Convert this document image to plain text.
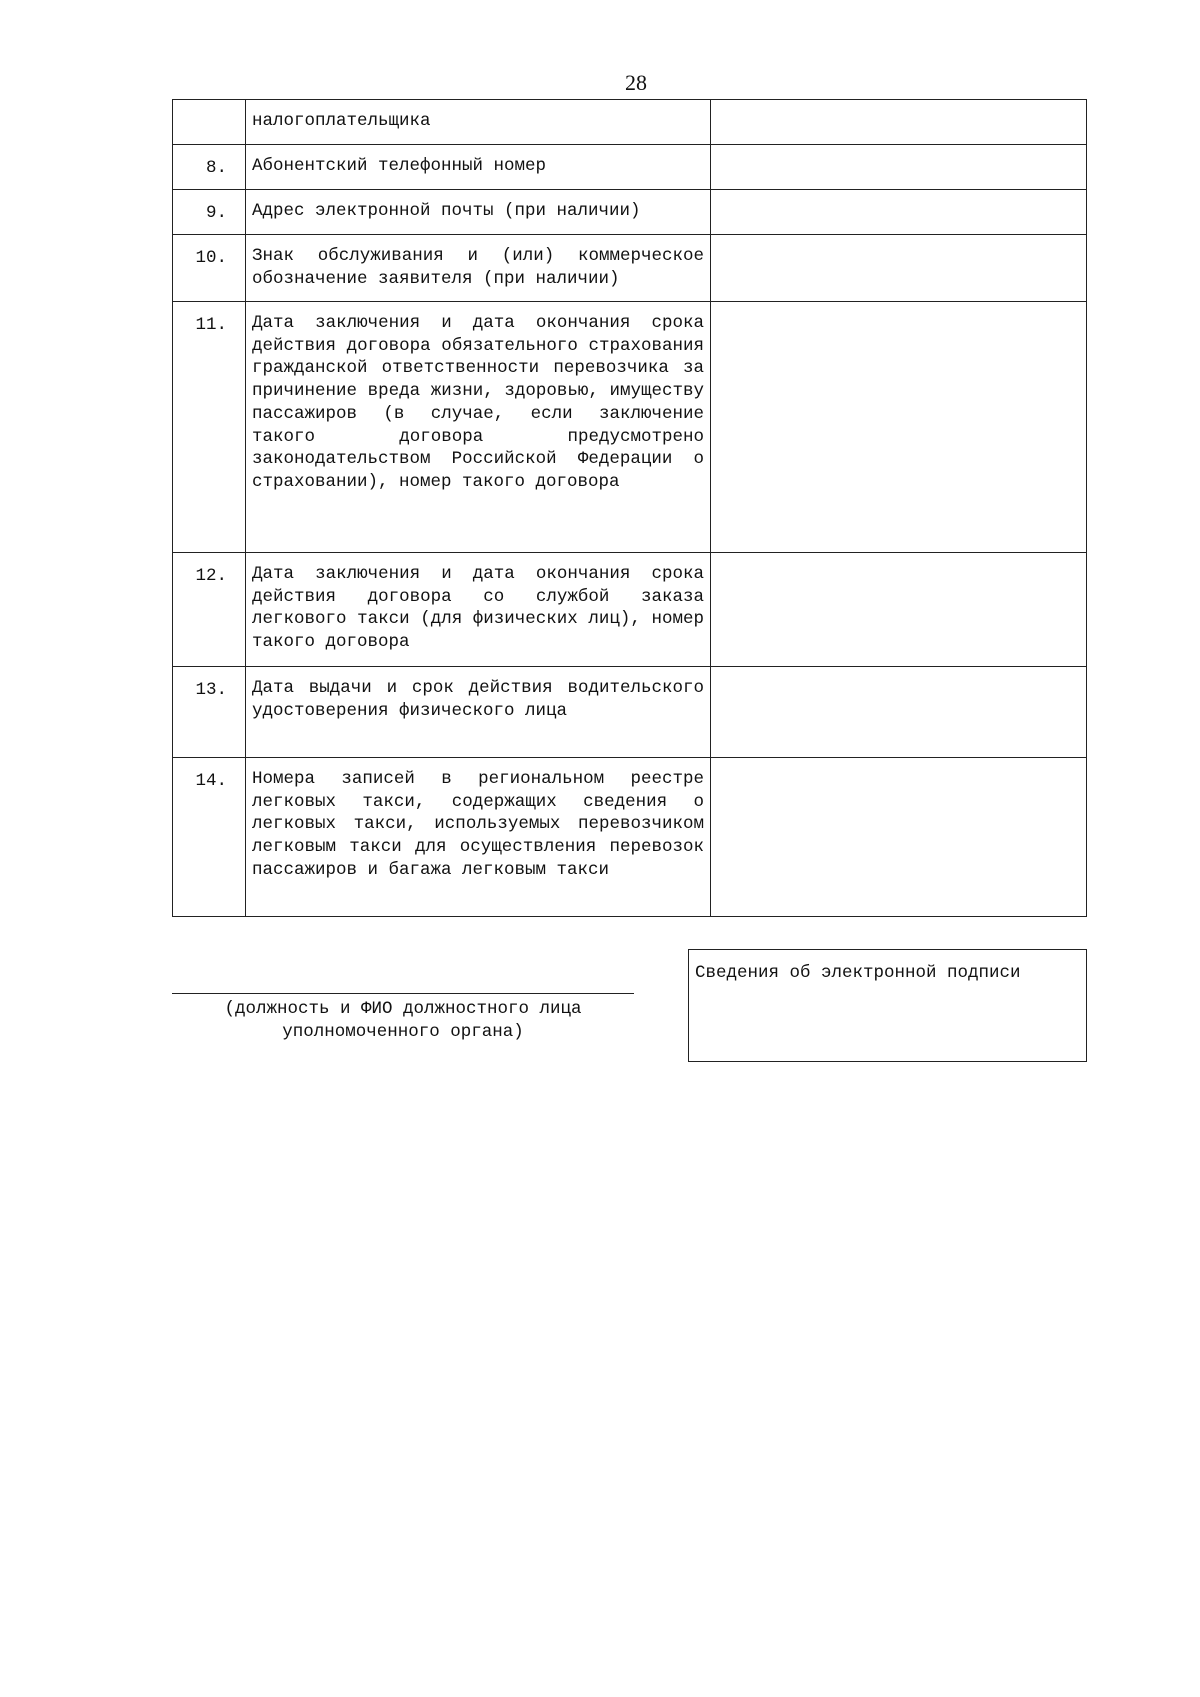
28

	налогоплательщика	

8.	Абонентский телефонный номер	

9.	Адрес электронной почты (при наличии)	

10.	Знак обслуживания и (или) коммерческое обозначение заявителя (при наличии)	

11.	Дата заключения и дата окончания срока действия договора обязательного страхования гражданской ответственности перевозчика за причинение вреда жизни, здоровью, имуществу пассажиров (в случае, если заключение такого договора предусмотрено законодательством Российской Федерации о страховании), номер такого договора	

12.	Дата заключения и дата окончания срока действия договора со службой заказа легкового такси (для физических лиц), номер такого договора	

13.	Дата выдачи и срок действия водительского удостоверения физического лица	

14.	Номера записей в региональном реестре легковых такси, содержащих сведения о легковых такси, используемых перевозчиком легковым такси для осуществления перевозок пассажиров и багажа легковым такси	

(должность и ФИО должностного лица
уполномоченного органа)
Сведения об электронной подписи
